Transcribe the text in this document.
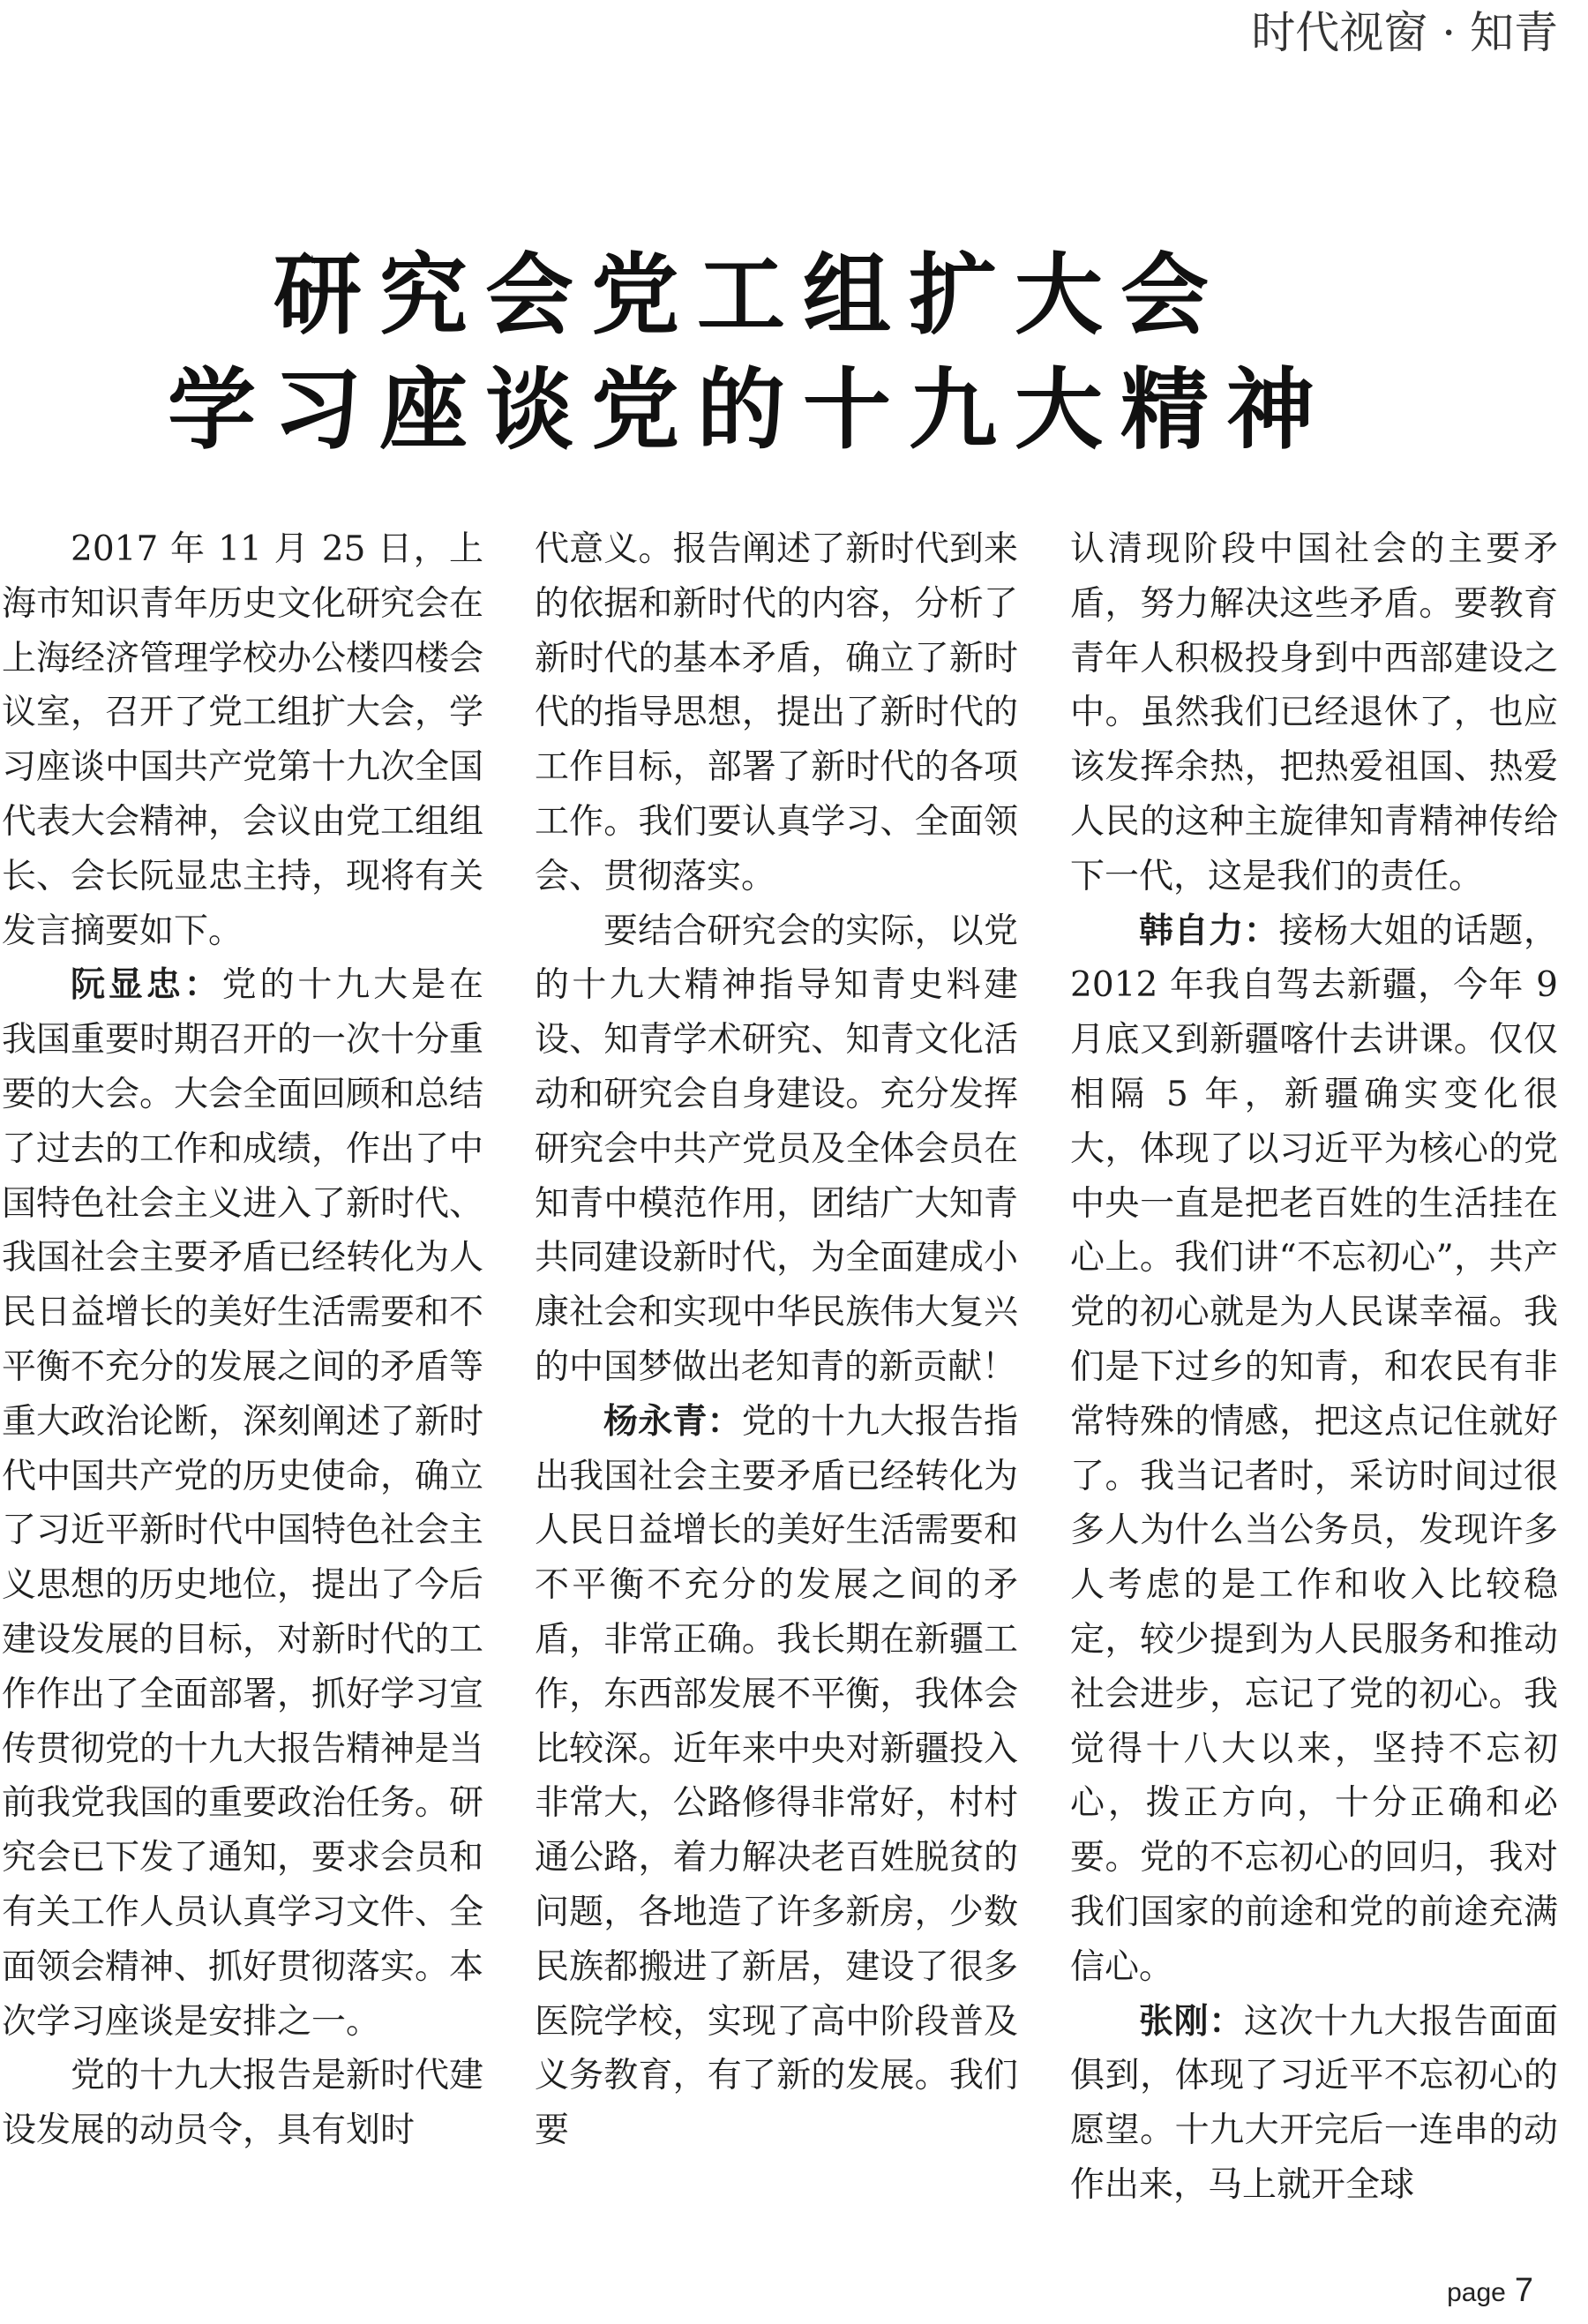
时代视窗 · 知青
研究会党工组扩大会
学习座谈党的十九大精神

2017 年 11 月 25 日，上海市知识青年历史文化研究会在上海经济管理学校办公楼四楼会议室，召开了党工组扩大会，学习座谈中国共产党第十九次全国代表大会精神，会议由党工组组长、会长阮显忠主持，现将有关发言摘要如下。

阮显忠：党的十九大是在我国重要时期召开的一次十分重要的大会。大会全面回顾和总结了过去的工作和成绩，作出了中国特色社会主义进入了新时代、我国社会主要矛盾已经转化为人民日益增长的美好生活需要和不平衡不充分的发展之间的矛盾等重大政治论断，深刻阐述了新时代中国共产党的历史使命，确立了习近平新时代中国特色社会主义思想的历史地位，提出了今后建设发展的目标，对新时代的工作作出了全面部署，抓好学习宣传贯彻党的十九大报告精神是当前我党我国的重要政治任务。研究会已下发了通知，要求会员和有关工作人员认真学习文件、全面领会精神、抓好贯彻落实。本次学习座谈是安排之一。

党的十九大报告是新时代建设发展的动员令，具有划时

代意义。报告阐述了新时代到来的依据和新时代的内容，分析了新时代的基本矛盾，确立了新时代的指导思想，提出了新时代的工作目标，部署了新时代的各项工作。我们要认真学习、全面领会、贯彻落实。

要结合研究会的实际，以党的十九大精神指导知青史料建设、知青学术研究、知青文化活动和研究会自身建设。充分发挥研究会中共产党员及全体会员在知青中模范作用，团结广大知青共同建设新时代，为全面建成小康社会和实现中华民族伟大复兴的中国梦做出老知青的新贡献！

杨永青：党的十九大报告指出我国社会主要矛盾已经转化为人民日益增长的美好生活需要和不平衡不充分的发展之间的矛盾，非常正确。我长期在新疆工作，东西部发展不平衡，我体会比较深。近年来中央对新疆投入非常大，公路修得非常好，村村通公路，着力解决老百姓脱贫的问题，各地造了许多新房，少数民族都搬进了新居，建设了很多医院学校，实现了高中阶段普及义务教育，有了新的发展。我们要

认清现阶段中国社会的主要矛盾，努力解决这些矛盾。要教育青年人积极投身到中西部建设之中。虽然我们已经退休了，也应该发挥余热，把热爱祖国、热爱人民的这种主旋律知青精神传给下一代，这是我们的责任。

韩自力：接杨大姐的话题，2012 年我自驾去新疆，今年 9 月底又到新疆喀什去讲课。仅仅相隔 5 年，新疆确实变化很大，体现了以习近平为核心的党中央一直是把老百姓的生活挂在心上。我们讲“不忘初心”，共产党的初心就是为人民谋幸福。我们是下过乡的知青，和农民有非常特殊的情感，把这点记住就好了。我当记者时，采访时间过很多人为什么当公务员，发现许多人考虑的是工作和收入比较稳定，较少提到为人民服务和推动社会进步，忘记了党的初心。我觉得十八大以来，坚持不忘初心，拨正方向，十分正确和必要。党的不忘初心的回归，我对我们国家的前途和党的前途充满信心。

张刚：这次十九大报告面面俱到，体现了习近平不忘初心的愿望。十九大开完后一连串的动作出来，马上就开全球

page 7
